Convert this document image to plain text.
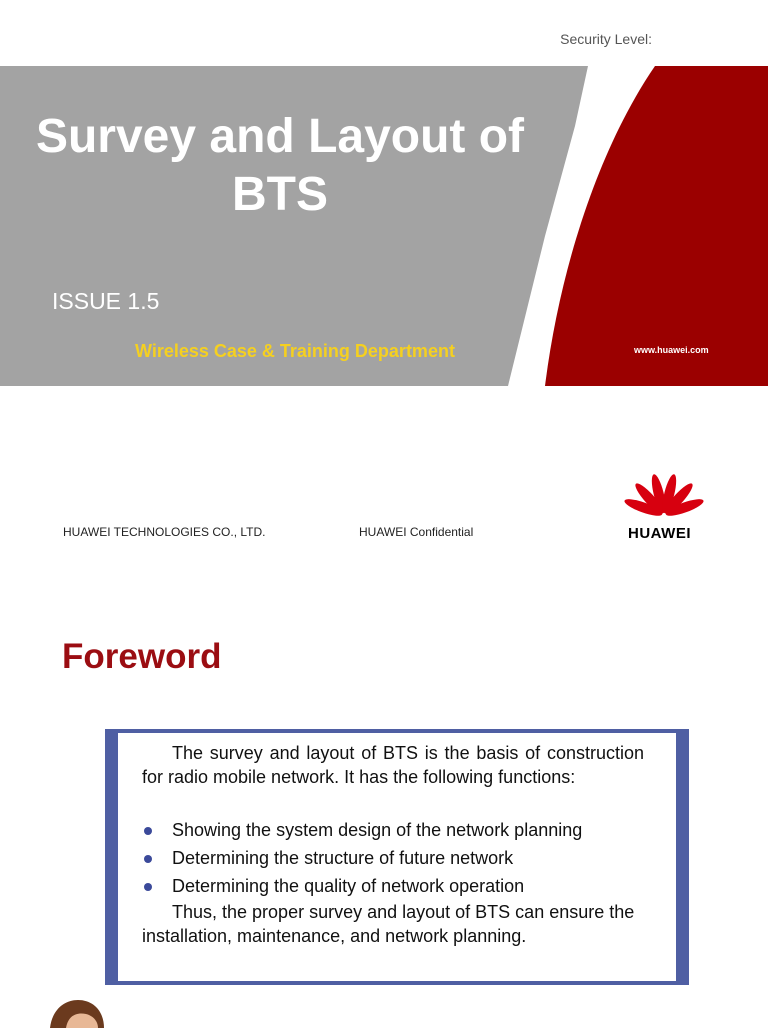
Security Level:
Survey and Layout of BTS
ISSUE 1.5
Wireless Case & Training Department	www.huawei.com
HUAWEI TECHNOLOGIES CO., LTD.	HUAWEI Confidential	HUAWEI
Foreword
The survey and layout of BTS is the basis of construction for radio mobile network. It has the following functions:
Showing the system design of the network planning
Determining the structure of future network
Determining the quality of network operation
Thus, the proper survey and layout of BTS can ensure the installation, maintenance, and network planning.
